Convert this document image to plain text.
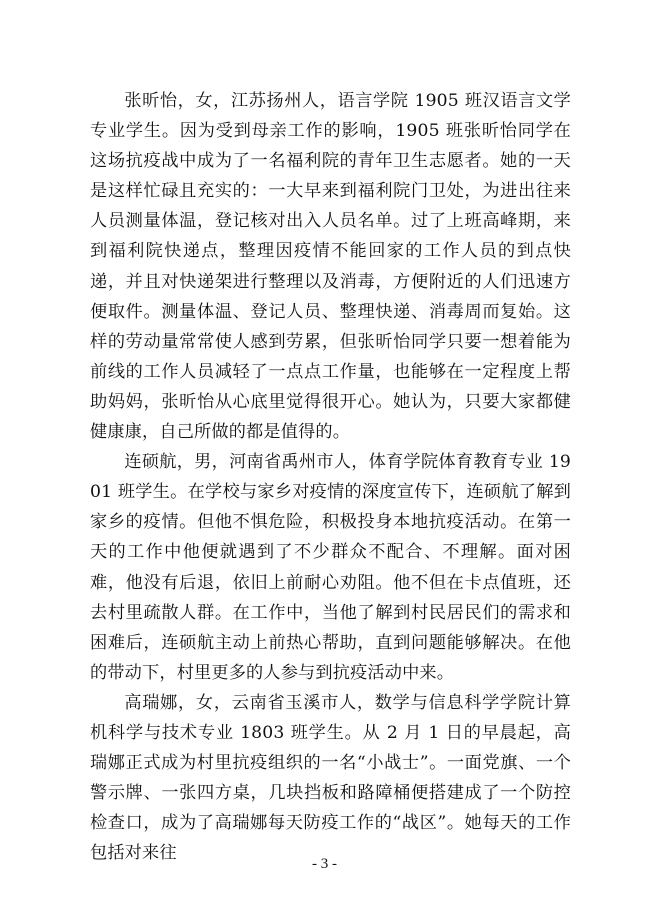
张昕怡，女，江苏扬州人，语言学院 1905 班汉语言文学专业学生。因为受到母亲工作的影响，1905 班张昕怡同学在这场抗疫战中成为了一名福利院的青年卫生志愿者。她的一天是这样忙碌且充实的：一大早来到福利院门卫处，为进出往来人员测量体温，登记核对出入人员名单。过了上班高峰期，来到福利院快递点，整理因疫情不能回家的工作人员的到点快递，并且对快递架进行整理以及消毒，方便附近的人们迅速方便取件。测量体温、登记人员、整理快递、消毒周而复始。这样的劳动量常常使人感到劳累，但张昕怡同学只要一想着能为前线的工作人员减轻了一点点工作量，也能够在一定程度上帮助妈妈，张昕怡从心底里觉得很开心。她认为，只要大家都健健康康，自己所做的都是值得的。

连硕航，男，河南省禹州市人，体育学院体育教育专业 1901 班学生。在学校与家乡对疫情的深度宣传下，连硕航了解到家乡的疫情。但他不惧危险，积极投身本地抗疫活动。在第一天的工作中他便就遇到了不少群众不配合、不理解。面对困难，他没有后退，依旧上前耐心劝阻。他不但在卡点值班，还去村里疏散人群。在工作中，当他了解到村民居民们的需求和困难后，连硕航主动上前热心帮助，直到问题能够解决。在他的带动下，村里更多的人参与到抗疫活动中来。

高瑞娜，女，云南省玉溪市人，数学与信息科学学院计算机科学与技术专业 1803 班学生。从 2 月 1 日的早晨起，高瑞娜正式成为村里抗疫组织的一名“小战士”。一面党旗、一个警示牌、一张四方桌，几块挡板和路障桶便搭建成了一个防控检查口，成为了高瑞娜每天防疫工作的“战区”。她每天的工作包括对来往

- 3 -
